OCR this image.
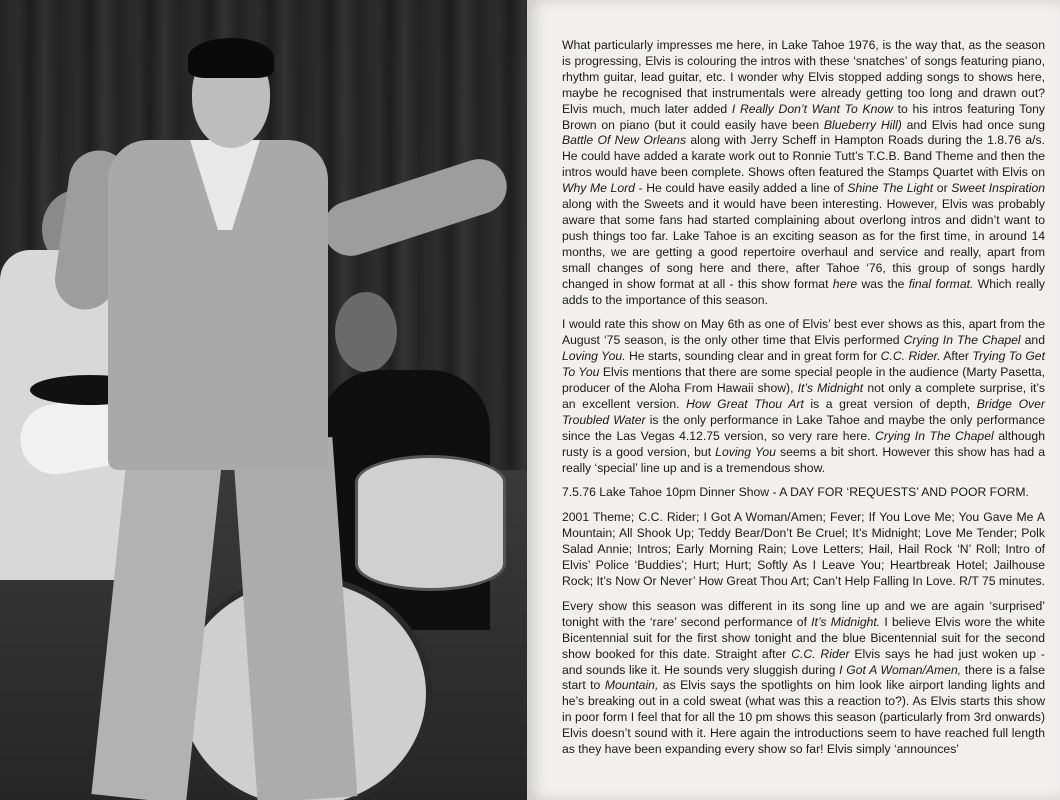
What particularly impresses me here, in Lake Tahoe 1976, is the way that, as the season is progressing, Elvis is colouring the intros with these ‘snatches’ of songs featuring piano, rhythm guitar, lead guitar, etc. I wonder why Elvis stopped adding songs to shows here, maybe he recognised that instrumentals were already getting too long and drawn out? Elvis much, much later added I Really Don’t Want To Know to his intros featuring Tony Brown on piano (but it could easily have been Blueberry Hill) and Elvis had once sung Battle Of New Orleans along with Jerry Scheff in Hampton Roads during the 1.8.76 a/s. He could have added a karate work out to Ronnie Tutt’s T.C.B. Band Theme and then the intros would have been complete. Shows often featured the Stamps Quartet with Elvis on Why Me Lord - He could have easily added a line of Shine The Light or Sweet Inspiration along with the Sweets and it would have been interesting. However, Elvis was probably aware that some fans had started complaining about overlong intros and didn’t want to push things too far. Lake Tahoe is an exciting season as for the first time, in around 14 months, we are getting a good repertoire overhaul and service and really, apart from small changes of song here and there, after Tahoe ‘76, this group of songs hardly changed in show format at all - this show format here was the final format. Which really adds to the importance of this season.

I would rate this show on May 6th as one of Elvis’ best ever shows as this, apart from the August ‘75 season, is the only other time that Elvis performed Crying In The Chapel and Loving You. He starts, sounding clear and in great form for C.C. Rider. After Trying To Get To You Elvis mentions that there are some special people in the audience (Marty Pasetta, producer of the Aloha From Hawaii show), It’s Midnight not only a complete surprise, it’s an excellent version. How Great Thou Art is a great version of depth, Bridge Over Troubled Water is the only performance in Lake Tahoe and maybe the only performance since the Las Vegas 4.12.75 version, so very rare here. Crying In The Chapel although rusty is a good version, but Loving You seems a bit short. However this show has had a really ‘special’ line up and is a tremendous show.

7.5.76 Lake Tahoe 10pm Dinner Show - A DAY FOR ‘REQUESTS’ AND POOR FORM.

2001 Theme; C.C. Rider; I Got A Woman/Amen; Fever; If You Love Me; You Gave Me A Mountain; All Shook Up; Teddy Bear/Don’t Be Cruel; It’s Midnight; Love Me Tender; Polk Salad Annie; Intros; Early Morning Rain; Love Letters; Hail, Hail Rock ‘N’ Roll; Intro of Elvis’ Police ‘Buddies’; Hurt; Hurt; Softly As I Leave You; Heartbreak Hotel; Jailhouse Rock; It’s Now Or Never’ How Great Thou Art; Can’t Help Falling In Love. R/T 75 minutes.

Every show this season was different in its song line up and we are again ‘surprised’ tonight with the ‘rare’ second performance of It’s Midnight. I believe Elvis wore the white Bicentennial suit for the first show tonight and the blue Bicentennial suit for the second show booked for this date. Straight after C.C. Rider Elvis says he had just woken up - and sounds like it. He sounds very sluggish during I Got A Woman/Amen, there is a false start to Mountain, as Elvis says the spotlights on him look like airport landing lights and he’s breaking out in a cold sweat (what was this a reaction to?). As Elvis starts this show in poor form I feel that for all the 10 pm shows this season (particularly from 3rd onwards) Elvis doesn’t sound with it. Here again the introductions seem to have reached full length as they have been expanding every show so far! Elvis simply ‘announces’
